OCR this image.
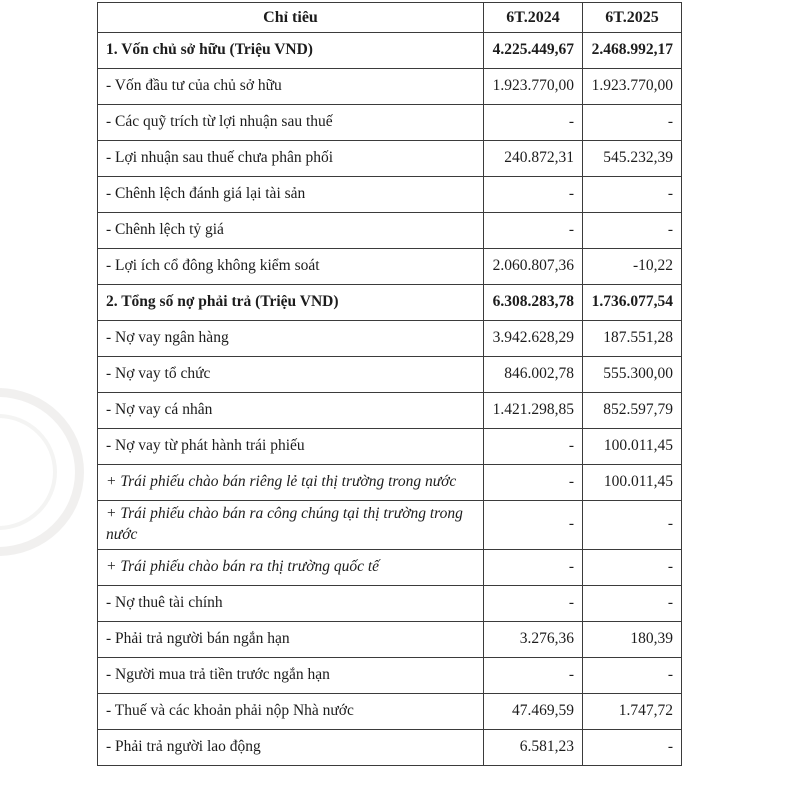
Chỉ tiêu	6T.2024	6T.2025
1. Vốn chủ sở hữu (Triệu VND)	4.225.449,67	2.468.992,17
- Vốn đầu tư của chủ sở hữu	1.923.770,00	1.923.770,00
- Các quỹ trích từ lợi nhuận sau thuế	-	-
- Lợi nhuận sau thuế chưa phân phối	240.872,31	545.232,39
- Chênh lệch đánh giá lại tài sản	-	-
- Chênh lệch tỷ giá	-	-
- Lợi ích cổ đông không kiểm soát	2.060.807,36	-10,22
2. Tổng số nợ phải trả (Triệu VND)	6.308.283,78	1.736.077,54
- Nợ vay ngân hàng	3.942.628,29	187.551,28
- Nợ vay tổ chức	846.002,78	555.300,00
- Nợ vay cá nhân	1.421.298,85	852.597,79
- Nợ vay từ phát hành trái phiếu	-	100.011,45
+ Trái phiếu chào bán riêng lẻ tại thị trường trong nước	-	100.011,45
+ Trái phiếu chào bán ra công chúng tại thị trường trong nước	-	-
+ Trái phiếu chào bán ra thị trường quốc tế	-	-
- Nợ thuê tài chính	-	-
- Phải trả người bán ngắn hạn	3.276,36	180,39
- Người mua trả tiền trước ngắn hạn	-	-
- Thuế và các khoản phải nộp Nhà nước	47.469,59	1.747,72
- Phải trả người lao động	6.581,23	-
